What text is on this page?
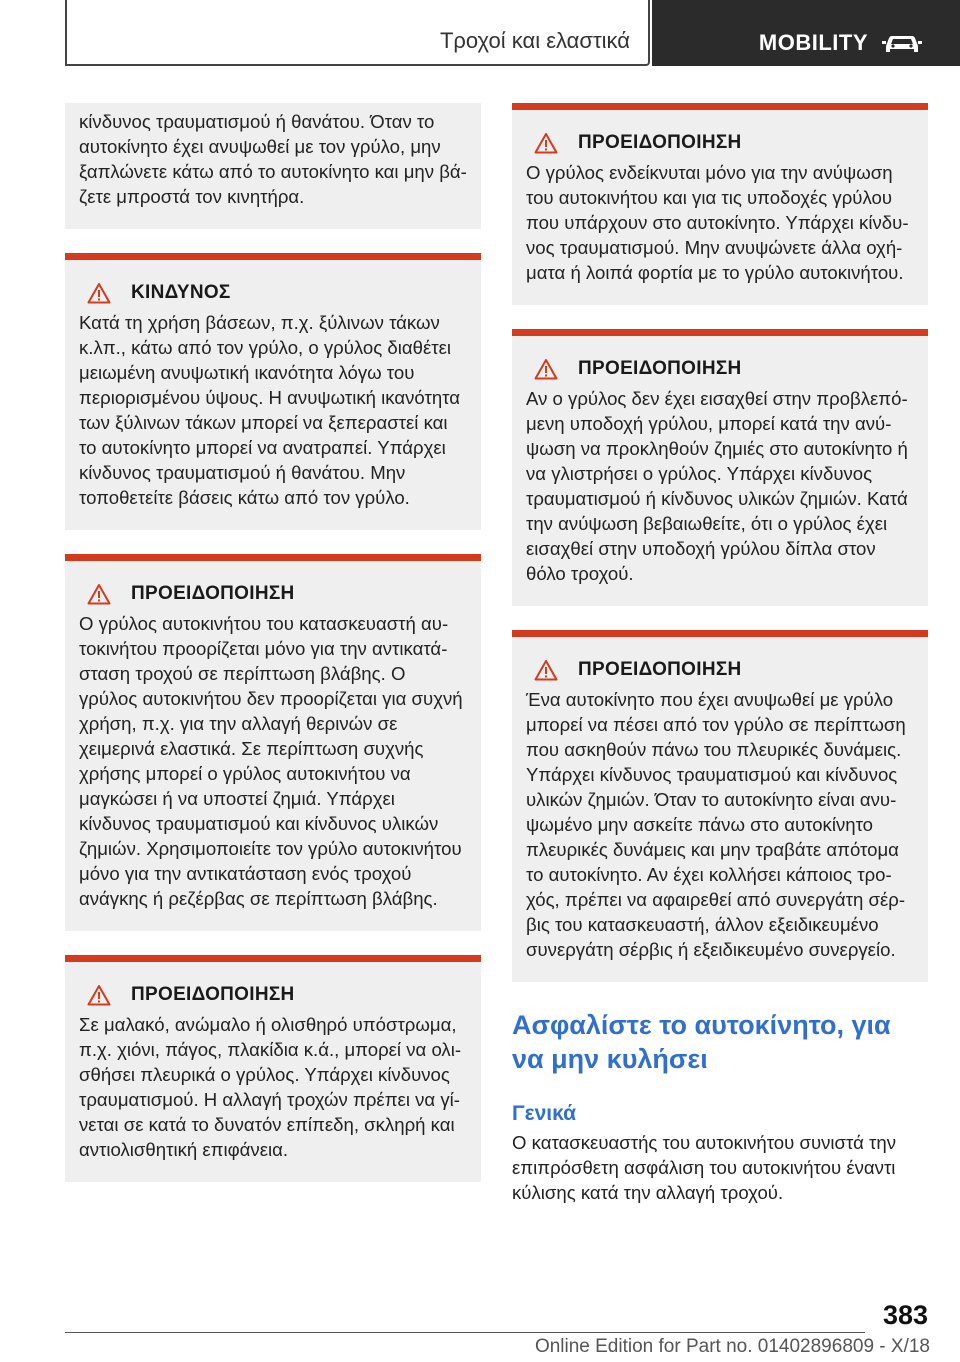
Τροχοί και ελαστικά	MOBILITY
κίνδυνος τραυματισμού ή θανάτου. Όταν το αυτοκίνητο έχει ανυψωθεί με τον γρύλο, μην ξαπλώνετε κάτω από το αυτοκίνητο και μην βάζετε μπροστά τον κινητήρα.
ΚΙΝΔΥΝΟΣ
Κατά τη χρήση βάσεων, π.χ. ξύλινων τάκων κ.λπ., κάτω από τον γρύλο, ο γρύλος διαθέτει μειωμένη ανυψωτική ικανότητα λόγω του περιορισμένου ύψους. Η ανυψωτική ικανότητα των ξύλινων τάκων μπορεί να ξεπεραστεί και το αυτοκίνητο μπορεί να ανατραπεί. Υπάρχει κίνδυνος τραυματισμού ή θανάτου. Μην τοποθετείτε βάσεις κάτω από τον γρύλο.
ΠΡΟΕΙΔΟΠΟΙΗΣΗ
Ο γρύλος αυτοκινήτου του κατασκευαστή αυτοκινήτου προορίζεται μόνο για την αντικατάσταση τροχού σε περίπτωση βλάβης. Ο γρύλος αυτοκινήτου δεν προορίζεται για συχνή χρήση, π.χ. για την αλλαγή θερινών σε χειμερινά ελαστικά. Σε περίπτωση συχνής χρήσης μπορεί ο γρύλος αυτοκινήτου να μαγκώσει ή να υποστεί ζημιά. Υπάρχει κίνδυνος τραυματισμού και κίνδυνος υλικών ζημιών. Χρησιμοποιείτε τον γρύλο αυτοκινήτου μόνο για την αντικατάσταση ενός τροχού ανάγκης ή ρεζέρβας σε περίπτωση βλάβης.
ΠΡΟΕΙΔΟΠΟΙΗΣΗ
Σε μαλακό, ανώμαλο ή ολισθηρό υπόστρωμα, π.χ. χιόνι, πάγος, πλακίδια κ.ά., μπορεί να ολισθήσει πλευρικά ο γρύλος. Υπάρχει κίνδυνος τραυματισμού. Η αλλαγή τροχών πρέπει να γίνεται σε κατά το δυνατόν επίπεδη, σκληρή και αντιολισθητική επιφάνεια.
ΠΡΟΕΙΔΟΠΟΙΗΣΗ
Ο γρύλος ενδείκνυται μόνο για την ανύψωση του αυτοκινήτου και για τις υποδοχές γρύλου που υπάρχουν στο αυτοκίνητο. Υπάρχει κίνδυνος τραυματισμού. Μην ανυψώνετε άλλα οχήματα ή λοιπά φορτία με το γρύλο αυτοκινήτου.
ΠΡΟΕΙΔΟΠΟΙΗΣΗ
Αν ο γρύλος δεν έχει εισαχθεί στην προβλεπόμενη υποδοχή γρύλου, μπορεί κατά την ανύψωση να προκληθούν ζημιές στο αυτοκίνητο ή να γλιστρήσει ο γρύλος. Υπάρχει κίνδυνος τραυματισμού ή κίνδυνος υλικών ζημιών. Κατά την ανύψωση βεβαιωθείτε, ότι ο γρύλος έχει εισαχθεί στην υποδοχή γρύλου δίπλα στον θόλο τροχού.
ΠΡΟΕΙΔΟΠΟΙΗΣΗ
Ένα αυτοκίνητο που έχει ανυψωθεί με γρύλο μπορεί να πέσει από τον γρύλο σε περίπτωση που ασκηθούν πάνω του πλευρικές δυνάμεις. Υπάρχει κίνδυνος τραυματισμού και κίνδυνος υλικών ζημιών. Όταν το αυτοκίνητο είναι ανυψωμένο μην ασκείτε πάνω στο αυτοκίνητο πλευρικές δυνάμεις και μην τραβάτε απότομα το αυτοκίνητο. Αν έχει κολλήσει κάποιος τροχός, πρέπει να αφαιρεθεί από συνεργάτη σέρβις του κατασκευαστή, άλλον εξειδικευμένο συνεργάτη σέρβις ή εξειδικευμένο συνεργείο.
Ασφαλίστε το αυτοκίνητο, για να μην κυλήσει
Γενικά
Ο κατασκευαστής του αυτοκινήτου συνιστά την επιπρόσθετη ασφάλιση του αυτοκινήτου έναντι κύλισης κατά την αλλαγή τροχού.
383
Online Edition for Part no. 01402896809 - X/18
